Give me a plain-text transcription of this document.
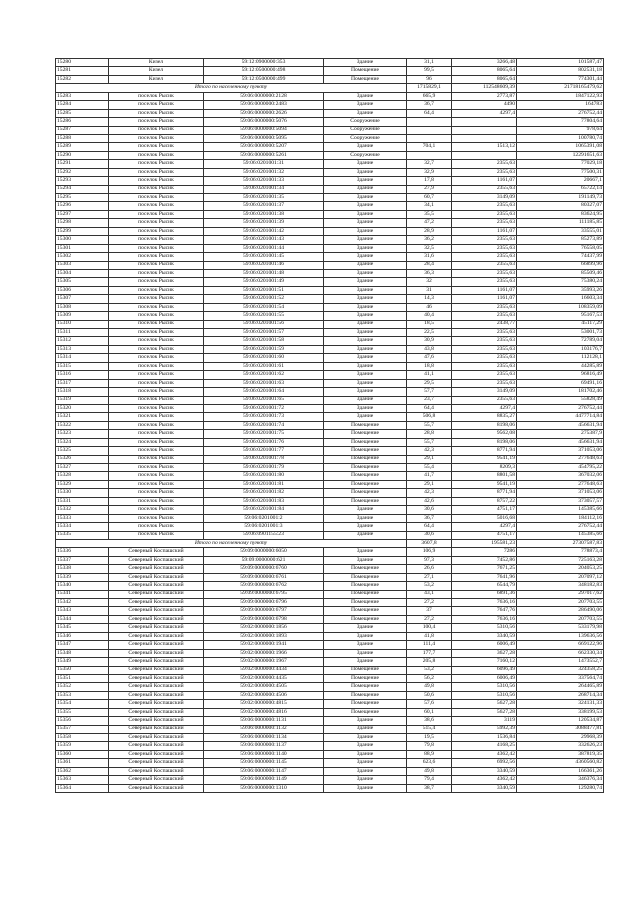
15280	Кизел	59:12:0900000:353	Здание	31,1	3266,48	101587,47
15281	Кизел	59:12:0500000:498	Помещение	99,5	8065,64	802531,18
15282	Кизел	59:12:0500000:499	Помещение	96	8065,64	774301,44
Итого по населенному пункту				1715829,1	112548609,39	21718165479,62
15283	поселок Рысик	59:06:0000000:2128	Здание	665,9	2773,87	1847122,93
15284	поселок Рысик	59:06:0000000:2483	Здание	36,7	4490	164783
15285	поселок Рысик	59:06:0000000:2626	Здание	64,4	4297,4	276752,44
15286	поселок Рысик	59:06:0000000:5076	Сооружение			77804,64
15287	поселок Рысик	59:06:0000000:5094	Сооружение			978,64
15288	поселок Рысик	59:06:0000000:5095	Сооружение			100780,74
15289	поселок Рысик	59:06:0000000:5207	Здание	704,1	1513,12	1065391,08
15290	поселок Рысик	59:06:0000000:5261	Сооружение			12291651,63
15291	поселок Рысик	59:06:0201001:31	Здание	32,7	2355,63	77029,18
15292	поселок Рысик	59:06:0201001:32	Здание	32,9	2355,63	77500,31
15293	поселок Рысик	59:06:0201001:33	Здание	17,8	1161,07	20667,1
15294	поселок Рысик	59:06:0201001:34	Здание	27,9	2355,63	65722,14
15295	поселок Рысик	59:06:0201001:35	Здание	60,7	3149,09	191149,73
15296	поселок Рысик	59:06:0201001:37	Здание	34,1	2355,63	80327,07
15297	поселок Рысик	59:06:0201001:38	Здание	35,5	2355,63	83624,95
15298	поселок Рысик	59:06:0201001:39	Здание	47,2	2355,63	111185,85
15299	поселок Рысик	59:06:0201001:42	Здание	28,9	1161,07	33555,01
15300	поселок Рысик	59:06:0201001:43	Здание	36,2	2355,63	85273,89
15301	поселок Рысик	59:06:0201001:44	Здание	32,5	2355,63	76558,05
15302	поселок Рысик	59:06:0201001:45	Здание	31,6	2355,63	74437,99
15303	поселок Рысик	59:06:0201001:46	Здание	28,4	2355,63	66899,96
15304	поселок Рысик	59:06:0201001:48	Здание	36,3	2355,63	85509,46
15305	поселок Рысик	59:06:0201001:49	Здание	32	2355,63	75380,24
15306	поселок Рысик	59:06:0201001:51	Здание	31	1161,07	35993,26
15307	поселок Рысик	59:06:0201001:52	Здание	14,3	1161,07	16603,34
15308	поселок Рысик	59:06:0201001:54	Здание	46	2355,63	108359,09
15309	поселок Рысик	59:06:0201001:55	Здание	40,4	2355,63	95167,53
15310	поселок Рысик	59:06:0201001:56	Здание	18,5	2438,77	45117,29
15311	поселок Рысик	59:06:0201001:57	Здание	22,5	2355,63	53001,73
15312	поселок Рысик	59:06:0201001:58	Здание	30,9	2355,63	72789,04
15313	поселок Рысик	59:06:0201001:59	Здание	43,8	2355,63	103176,7
15314	поселок Рысик	59:06:0201001:60	Здание	47,6	2355,63	112128,1
15315	поселок Рысик	59:06:0201001:61	Здание	18,8	2355,63	44285,89
15316	поселок Рысик	59:06:0201001:62	Здание	41,1	2355,63	96816,49
15317	поселок Рысик	59:06:0201001:63	Здание	29,5	2355,63	69491,16
15318	поселок Рысик	59:06:0201001:64	Здание	57,7	3149,09	181702,46
15319	поселок Рысик	59:06:0201001:65	Здание	23,7	2355,63	55828,49
15320	поселок Рысик	59:06:0201001:72	Здание	64,4	4297,4	276752,44
15321	поселок Рысик	59:06:0201001:73	Здание	506,8	8835,27	4477714,84
15322	поселок Рысик	59:06:0201001:74	Помещение	55,7	8198,06	456631,94
15323	поселок Рысик	59:06:0201001:75	Помещение	28,8	9562,08	275387,9
15324	поселок Рысик	59:06:0201001:76	Помещение	55,7	8198,06	456631,94
15325	поселок Рысик	59:06:0201001:77	Помещение	42,3	8771,94	371053,06
15326	поселок Рысик	59:06:0201001:78	Помещение	29,1	9541,19	277648,63
15327	поселок Рысик	59:06:0201001:79	Помещение	55,4	8209,3	454795,22
15328	поселок Рысик	59:06:0201001:80	Помещение	41,7	8801,58	367032,06
15329	поселок Рысик	59:06:0201001:81	Помещение	29,1	9541,19	277648,63
15330	поселок Рысик	59:06:0201001:82	Помещение	42,3	8771,94	371053,06
15331	поселок Рысик	59:06:0201001:83	Помещение	42,6	8757,22	373057,57
15332	поселок Рысик	59:06:0201001:84	Здание	30,6	4751,17	145385,66
15333	поселок Рысик	59:06:0201001:2	Здание	36,7	5016,68	184112,16
15334	поселок Рысик	59:06:0201001:3	Здание	64,4	4297,4	276752,44
15335	поселок Рысик	59:06:0901155:23	Здание	30,6	4751,17	145385,66
Итого по населенному пункту				3607,8	195581,23	27307587,83
15336	Северный Коспашский	59:09:0000000:6050	Здание	106,9	7286	778873,4
15337	Северный Коспашский	59:09:0000000:621	Здание	97,3	7452,86	725163,28
15338	Северный Коспашский	59:09:0000000:6760	Помещение	26,6	7671,25	204053,25
15339	Северный Коспашский	59:09:0000000:6761	Помещение	27,1	7641,96	207097,12
15340	Северный Коспашский	59:09:0000000:6762	Помещение	53,2	6544,79	348182,83
15341	Северный Коспашский	59:09:0000000:6795	Помещение	43,1	6891,36	297017,62
15342	Северный Коспашский	59:09:0000000:6796	Помещение	27,2	7636,16	207703,55
15343	Северный Коспашский	59:09:0000000:6797	Помещение	37	7647,76	286490,06
15344	Северный Коспашский	59:09:0000000:6798	Помещение	27,2	7636,16	207703,55
15345	Северный Коспашский	59:02:0000000:1856	Здание	100,4	5310,56	533179,98
15346	Северный Коспашский	59:02:0000000:1893	Здание	41,8	3340,59	139636,56
15347	Северный Коспашский	59:02:0000000:1941	Здание	111,4	6006,49	669122,96
15348	Северный Коспашский	59:02:0000000:1966	Здание	177,7	3627,28	662330,34
15349	Северный Коспашский	59:02:0000000:1967	Здание	205,8	7160,12	1473552,7
15350	Северный Коспашский	59:02:0000000:4434	Помещение	53,2	6096,49	324358,25
15351	Северный Коспашский	59:02:0000000:4435	Помещение	56,2	6006,49	337564,74
15352	Северный Коспашский	59:02:0000000:4505	Помещение	49,8	5310,56	264465,89
15353	Северный Коспашский	59:02:0000000:4506	Помещение	50,6	5310,56	268714,34
15354	Северный Коспашский	59:02:0000000:4815	Помещение	57,6	5627,28	324131,33
15355	Северный Коспашский	59:02:0000000:4816	Помещение	60,1	5627,28	338199,53
15356	Северный Коспашский	59:06:0000000:1131	Здание	38,6	3119	120534,87
15357	Северный Коспашский	59:06:0000000:1132	Здание	515,4	5992,39	3088477,81
15358	Северный Коспашский	59:06:0000000:1134	Здание	19,5	1536,84	29968,39
15359	Северный Коспашский	59:06:0000000:1137	Здание	79,8	4168,25	332626,23
15360	Северный Коспашский	59:06:0000000:1140	Здание	88,9	4362,42	387819,35
15361	Северный Коспашский	59:06:0000000:1145	Здание	623,6	6992,56	4360560,82
15362	Северный Коспашский	59:06:0000000:1147	Здание	49,8	3340,59	166361,26
15363	Северный Коспашский	59:06:0000000:1149	Здание	79,4	4362,42	346376,34
15364	Северный Коспашский	59:06:0000000:1310	Здание	38,7	3340,59	129280,74
